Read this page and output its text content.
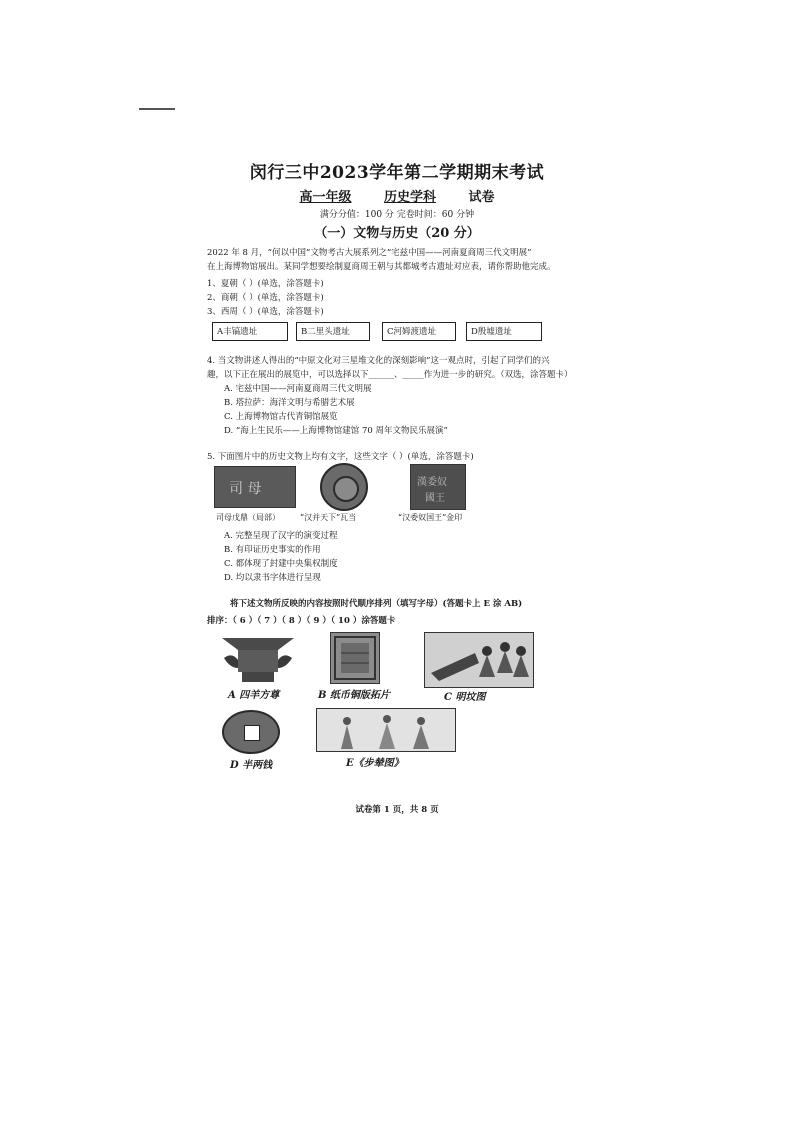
闵行三中2023学年第二学期期末考试
高一年级	历史学科	试卷
满分分值：100 分 完卷时间：60 分钟
（一）文物与历史（20 分）
2022 年 8 月，“何以中国”文物考古大展系列之“宅兹中国——河南夏商周三代文明展”
在上海博物馆展出。某同学想要绘制夏商周王朝与其都城考古遗址对应表，请你帮助他完成。
1、夏朝（ ）(单选，涂答题卡)
2、商朝（ ）(单选，涂答题卡)
3、西周（ ）(单选，涂答题卡)
A丰镐遗址	B二里头遗址	C河姆渡遗址	D殷墟遗址
4. 当文物讲述人得出的“中原文化对三星堆文化的深刻影响”这一观点时，引起了同学们的兴
趣，以下正在展出的展览中，可以选择以下______、_____作为进一步的研究。（双选，涂答题卡）
A. 宅兹中国——河南夏商周三代文明展
B. 塔拉萨：海洋文明与希腊艺术展
C. 上海博物馆古代青铜馆展览
D. “海上生民乐——上海博物馆建馆 70 周年文物民乐展演”
5. 下面图片中的历史文物上均有文字，这些文字（ ）(单选，涂答题卡)
司 母	漢委奴
國王
司母戊鼎（局部）	“汉并天下”瓦当	“汉委奴国王”金印
A. 完整呈现了汉字的演变过程
B. 有印证历史事实的作用
C. 都体现了封建中央集权制度
D. 均以隶书字体进行呈现
将下述文物所反映的内容按照时代顺序排列（填写字母）(答题卡上 E 涂 AB)
排序：（ 6 ）（ 7 ）（ 8 ）（ 9 ）（ 10 ）涂答题卡
A 四羊方尊	B 纸币铜版拓片	C 明坟图
D 半两钱	E《步辇图》
试卷第 1 页，共 8 页
